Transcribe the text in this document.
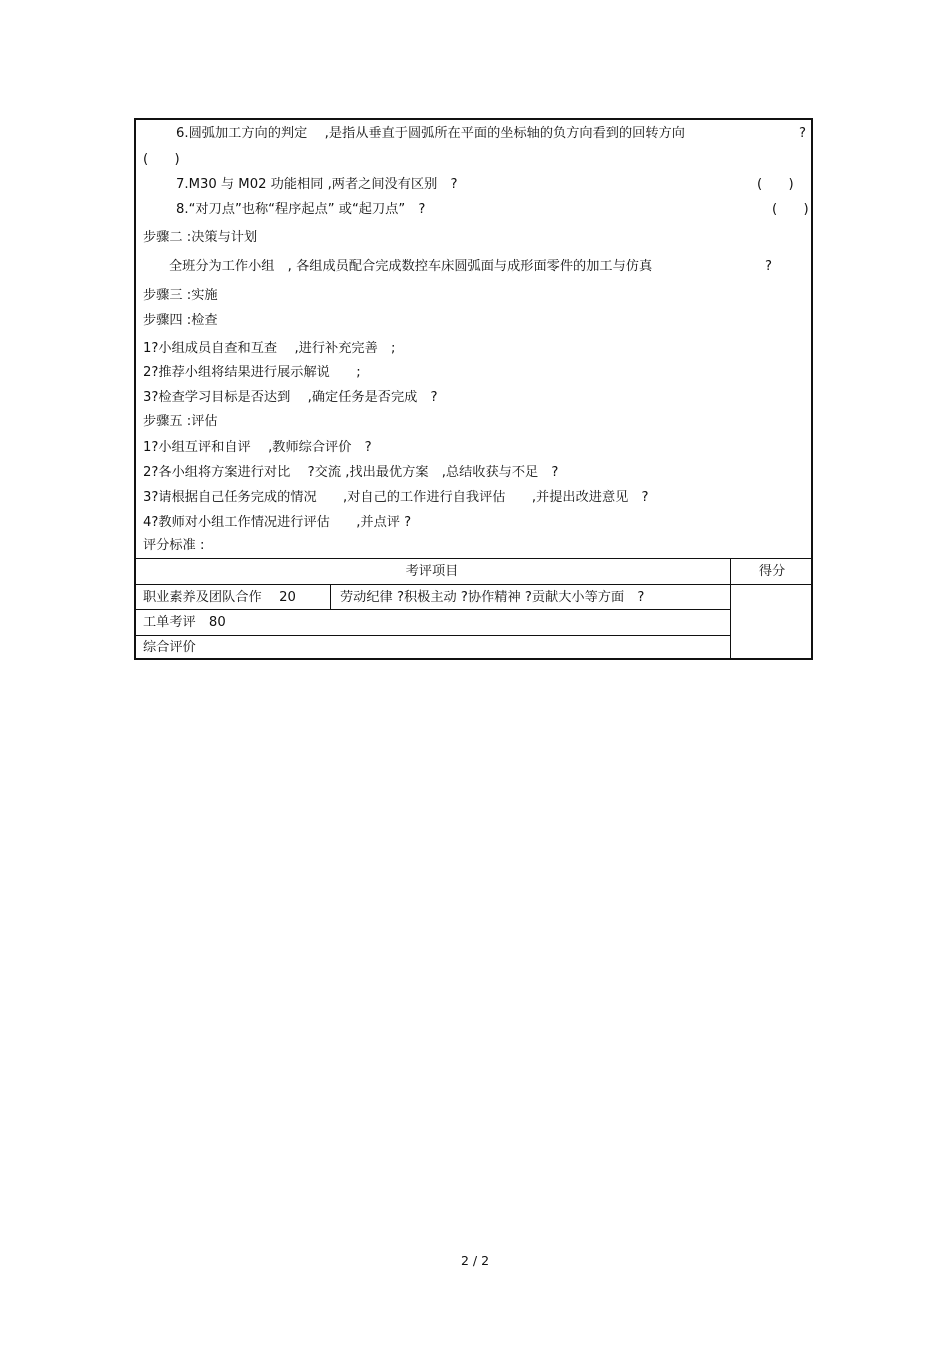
6.圆弧加工方向的判定　 ,是指从垂直于圆弧所在平面的坐标轴的负方向看到的回转方向	?
(　　)
7.M30 与 M02 功能相同 ,两者之间没有区别　?	(　　)
8.“对刀点”也称“程序起点” 或“起刀点”　?	(　　)
步骤二 :决策与计划
全班分为工作小组　, 各组成员配合完成数控车床圆弧面与成形面零件的加工与仿真	?
步骤三 :实施
步骤四 :检查
1?小组成员自查和互查　 ,进行补充完善　;
2?推荐小组将结果进行展示解说　　;
3?检查学习目标是否达到　 ,确定任务是否完成　?
步骤五 :评估
1?小组互评和自评　 ,教师综合评价　?
2?各小组将方案进行对比　 ?交流 ,找出最优方案　,总结收获与不足　?
3?请根据自己任务完成的情况　　,对自己的工作进行自我评估　　,并提出改进意见　?
4?教师对小组工作情况进行评估　　,并点评 ?
评分标准 :
考评项目	得分
职业素养及团队合作　 20	劳动纪律 ?积极主动 ?协作精神 ?贡献大小等方面　?
工单考评　80
综合评价
2 / 2
